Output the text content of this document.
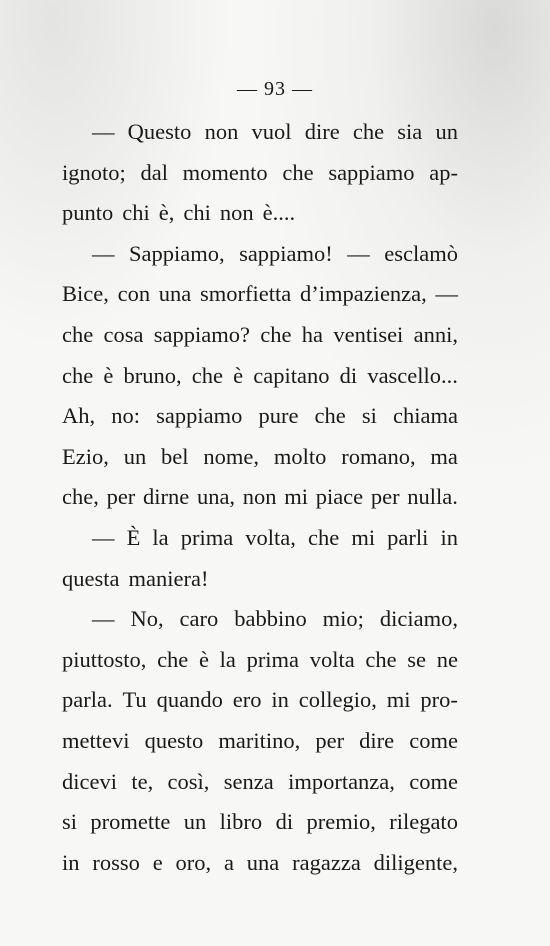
— 93 —
— Questo non vuol dire che sia un
ignoto; dal momento che sappiamo ap-
punto chi è, chi non è....
— Sappiamo, sappiamo! — esclamò
Bice, con una smorfietta d’impazienza, —
che cosa sappiamo? che ha ventisei anni,
che è bruno, che è capitano di vascello...
Ah, no: sappiamo pure che si chiama
Ezio, un bel nome, molto romano, ma
che, per dirne una, non mi piace per nulla.
— È la prima volta, che mi parli in
questa maniera!
— No, caro babbino mio; diciamo,
piuttosto, che è la prima volta che se ne
parla. Tu quando ero in collegio, mi pro-
mettevi questo maritino, per dire come
dicevi te, così, senza importanza, come
si promette un libro di premio, rilegato
in rosso e oro, a una ragazza diligente,
